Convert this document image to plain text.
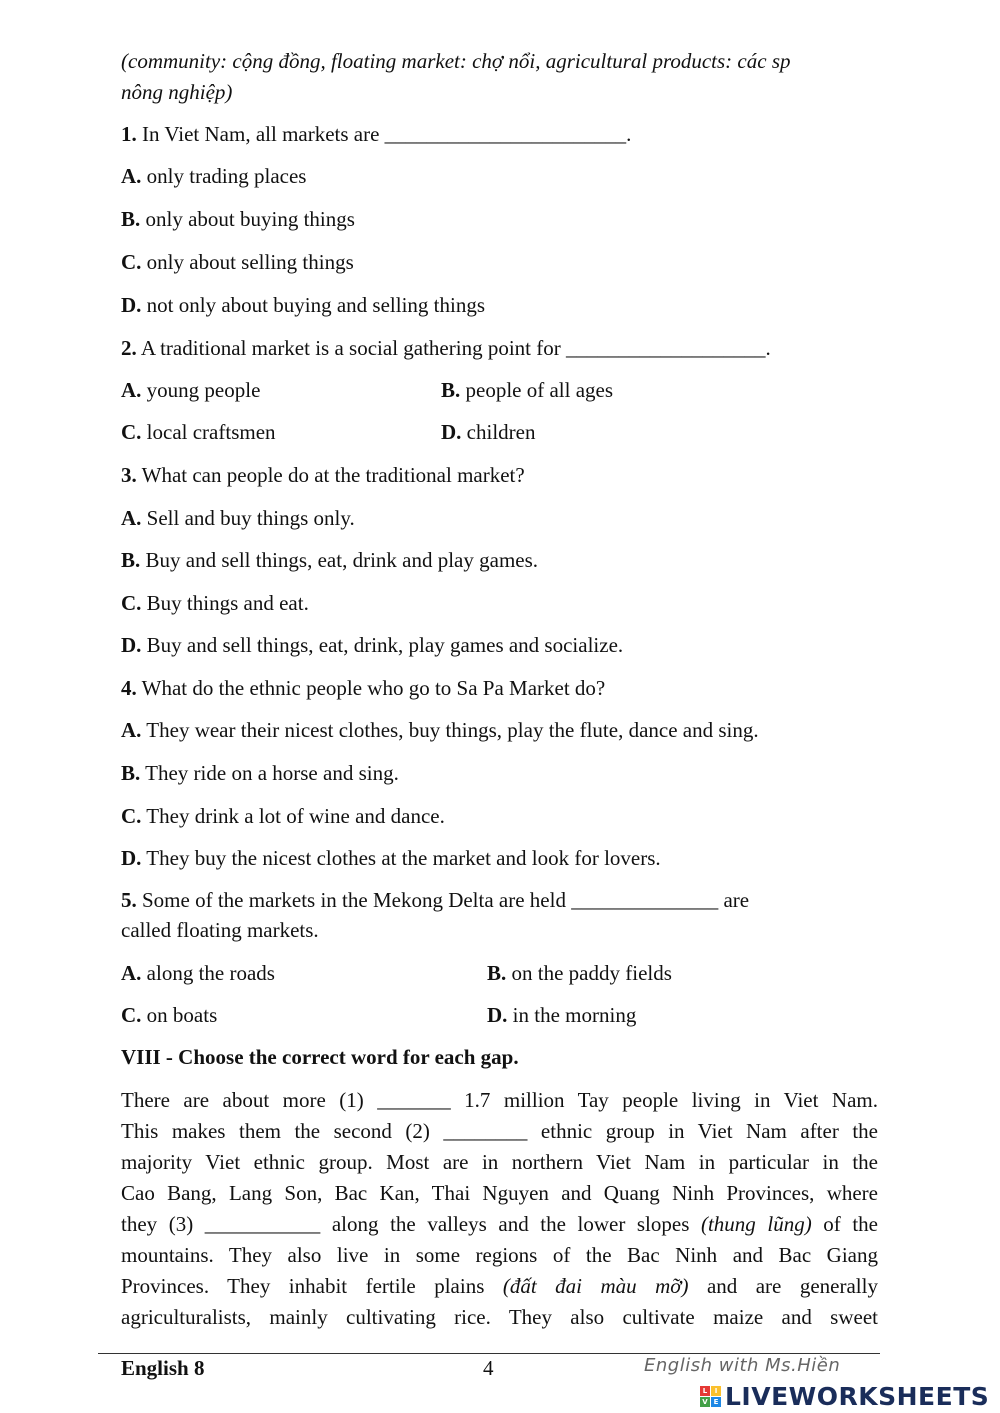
(community: cộng đồng, floating market: chợ nổi, agricultural products: các sp
nông nghiệp)
1. In Viet Nam, all markets are _______________________.
A. only trading places
B. only about buying things
C. only about selling things
D. not only about buying and selling things
2. A traditional market is a social gathering point for ___________________.
A. young people	B. people of all ages
C. local craftsmen	D. children
3. What can people do at the traditional market?
A. Sell and buy things only.
B. Buy and sell things, eat, drink and play games.
C. Buy things and eat.
D. Buy and sell things, eat, drink, play games and socialize.
4. What do the ethnic people who go to Sa Pa Market do?
A. They wear their nicest clothes, buy things, play the flute, dance and sing.
B. They ride on a horse and sing.
C. They drink a lot of wine and dance.
D. They buy the nicest clothes at the market and look for lovers.
5. Some of the markets in the Mekong Delta are held ______________ are
called floating markets.
A. along the roads	B. on the paddy fields
C. on boats	D. in the morning
VIII - Choose the correct word for each gap.
There are about more (1) _______ 1.7 million Tay people living in Viet Nam.
This makes them the second (2) ________ ethnic group in Viet Nam after the
majority Viet ethnic group. Most are in northern Viet Nam in particular in the
Cao Bang, Lang Son, Bac Kan, Thai Nguyen and Quang Ninh Provinces, where
they (3) ___________ along the valleys and the lower slopes (thung lũng) of the
mountains. They also live in some regions of the Bac Ninh and Bac Giang
Provinces. They inhabit fertile plains (đất đai màu mỡ) and are generally
agriculturalists, mainly cultivating rice. They also cultivate maize and sweet
English 8	4	English with Ms.Hiền
L	I
V E LIVEWORKSHEETS
